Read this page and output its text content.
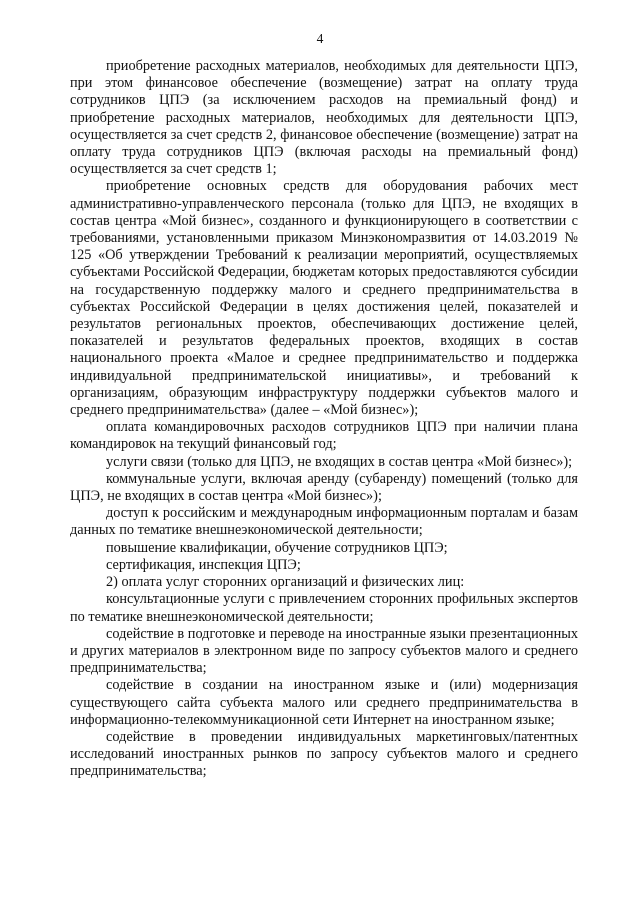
4

приобретение расходных материалов, необходимых для деятельности ЦПЭ, при этом финансовое обеспечение (возмещение) затрат на оплату труда сотрудников ЦПЭ (за исключением расходов на премиальный фонд) и приобретение расходных материалов, необходимых для деятельности ЦПЭ, осуществляется за счет средств 2, финансовое обеспечение (возмещение) затрат на оплату труда сотрудников ЦПЭ (включая расходы на премиальный фонд) осуществляется за счет средств 1;

приобретение основных средств для оборудования рабочих мест административно-управленческого персонала (только для ЦПЭ, не входящих в состав центра «Мой бизнес», созданного и функционирующего в соответствии с требованиями, установленными приказом Минэкономразвития от 14.03.2019 № 125 «Об утверждении Требований к реализации мероприятий, осуществляемых субъектами Российской Федерации, бюджетам которых предоставляются субсидии на государственную поддержку малого и среднего предпринимательства в субъектах Российской Федерации в целях достижения целей, показателей и результатов региональных проектов, обеспечивающих достижение целей, показателей и результатов федеральных проектов, входящих в состав национального проекта «Малое и среднее предпринимательство и поддержка индивидуальной предпринимательской инициативы», и требований к организациям, образующим инфраструктуру поддержки субъектов малого и среднего предпринимательства» (далее – «Мой бизнес»);

оплата командировочных расходов сотрудников ЦПЭ при наличии плана командировок на текущий финансовый год;

услуги связи (только для ЦПЭ, не входящих в состав центра «Мой бизнес»);

коммунальные услуги, включая аренду (субаренду) помещений (только для ЦПЭ, не входящих в состав центра «Мой бизнес»);

доступ к российским и международным информационным порталам и базам данных по тематике внешнеэкономической деятельности;

повышение квалификации, обучение сотрудников ЦПЭ;

сертификация, инспекция ЦПЭ;

2) оплата услуг сторонних организаций и физических лиц:

консультационные услуги с привлечением сторонних профильных экспертов по тематике внешнеэкономической деятельности;

содействие в подготовке и переводе на иностранные языки презентационных и других материалов в электронном виде по запросу субъектов малого и среднего предпринимательства;

содействие в создании на иностранном языке и (или) модернизация существующего сайта субъекта малого или среднего предпринимательства в информационно-телекоммуникационной сети Интернет на иностранном языке;

содействие в проведении индивидуальных маркетинговых/патентных исследований иностранных рынков по запросу субъектов малого и среднего предпринимательства;
